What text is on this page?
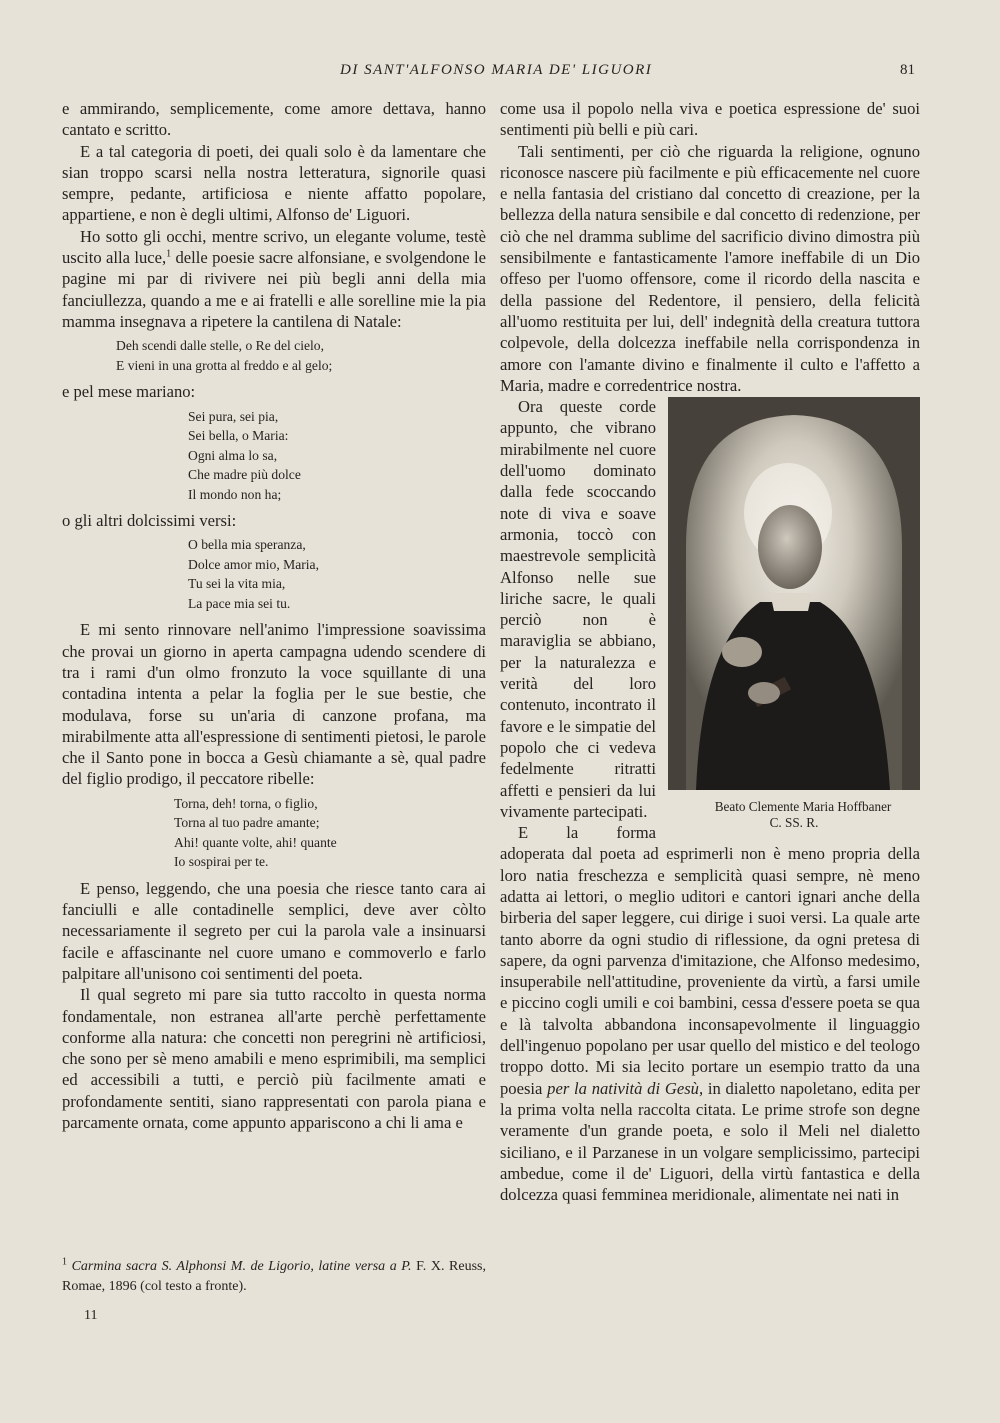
DI SANT'ALFONSO MARIA DE' LIGUORI	81

e ammirando, semplicemente, come amore dettava, hanno cantato e scritto.

E a tal categoria di poeti, dei quali solo è da lamentare che sian troppo scarsi nella nostra letteratura, signorile quasi sempre, pedante, artificiosa e niente affatto popolare, appartiene, e non è degli ultimi, Alfonso de' Liguori.

Ho sotto gli occhi, mentre scrivo, un elegante volume, testè uscito alla luce,$^1$ delle poesie sacre alfonsiane, e svolgendone le pagine mi par di rivivere nei più begli anni della mia fanciullezza, quando a me e ai fratelli e alle sorelline mie la pia mamma insegnava a ripetere la cantilena di Natale:

Deh scendi dalle stelle, o Re del cielo,
E vieni in una grotta al freddo e al gelo;

e pel mese mariano:

Sei pura, sei pia,
Sei bella, o Maria:
Ogni alma lo sa,
Che madre più dolce
Il mondo non ha;

o gli altri dolcissimi versi:

O bella mia speranza,
Dolce amor mio, Maria,
Tu sei la vita mia,
La pace mia sei tu.

E mi sento rinnovare nell'animo l'impressione soavissima che provai un giorno in aperta campagna udendo scendere di tra i rami d'un olmo fronzuto la voce squillante di una contadina intenta a pelar la foglia per le sue bestie, che modulava, forse su un'aria di canzone profana, ma mirabilmente atta all'espressione di sentimenti pietosi, le parole che il Santo pone in bocca a Gesù chiamante a sè, qual padre del figlio prodigo, il peccatore ribelle:

Torna, deh! torna, o figlio,
Torna al tuo padre amante;
Ahi! quante volte, ahi! quante
Io sospirai per te.

E penso, leggendo, che una poesia che riesce tanto cara ai fanciulli e alle contadinelle semplici, deve aver còlto necessariamente il segreto per cui la parola vale a insinuarsi facile e affascinante nel cuore umano e commoverlo e farlo palpitare all'unisono coi sentimenti del poeta.

Il qual segreto mi pare sia tutto raccolto in questa norma fondamentale, non estranea all'arte perchè perfettamente conforme alla natura: che concetti non peregrini nè artificiosi, che sono per sè meno amabili e meno esprimibili, ma semplici ed accessibili a tutti, e perciò più facilmente amati e profondamente sentiti, siano rappresentati con parola piana e parcamente ornata, come appunto appariscono a chi li ama e

$^1$ Carmina sacra S. Alphonsi M. de Ligorio, latine versa a P. F. X. Reuss, Romae, 1896 (col testo a fronte).
11

come usa il popolo nella viva e poetica espressione de' suoi sentimenti più belli e più cari.

Tali sentimenti, per ciò che riguarda la religione, ognuno riconosce nascere più facilmente e più efficacemente nel cuore e nella fantasia del cristiano dal concetto di creazione, per la bellezza della natura sensibile e dal concetto di redenzione, per ciò che nel dramma sublime del sacrificio divino dimostra più sensibilmente e fantasticamente l'amore ineffabile di un Dio offeso per l'uomo offensore, come il ricordo della nascita e della passione del Redentore, il pensiero, della felicità all'uomo restituita per lui, dell' indegnità della creatura tuttora colpevole, della dolcezza ineffabile nella corrispondenza in amore con l'amante divino e finalmente il culto e l'affetto a Maria, madre e corredentrice nostra.

Beato Clemente Maria Hoffbaner
C. SS. R.
Ora queste corde appunto, che vibrano mirabilmente nel cuore dell'uomo dominato dalla fede scoccando note di viva e soave armonia, toccò con maestrevole semplicità Alfonso nelle sue liriche sacre, le quali perciò non è maraviglia se abbiano, per la naturalezza e verità del loro contenuto, incontrato il favore e le simpatie del popolo che ci vedeva fedelmente ritratti affetti e pensieri da lui vivamente partecipati.

E la forma adoperata dal poeta ad esprimerli non è meno propria della loro natia freschezza e semplicità quasi sempre, nè meno adatta ai lettori, o meglio uditori e cantori ignari anche della birberia del saper leggere, cui dirige i suoi versi. La quale arte tanto aborre da ogni studio di riflessione, da ogni pretesa di sapere, da ogni parvenza d'imitazione, che Alfonso medesimo, insuperabile nell'attitudine, proveniente da virtù, a farsi umile e piccino cogli umili e coi bambini, cessa d'essere poeta se qua e là talvolta abbandona inconsapevolmente il linguaggio dell'ingenuo popolano per usar quello del mistico e del teologo troppo dotto. Mi sia lecito portare un esempio tratto da una poesia per la natività di Gesù, in dialetto napoletano, edita per la prima volta nella raccolta citata. Le prime strofe son degne veramente d'un grande poeta, e solo il Meli nel dialetto siciliano, e il Parzanese in un volgare semplicissimo, partecipi ambedue, come il de' Liguori, della virtù fantastica e della dolcezza quasi femminea meridionale, alimentate nei nati in
